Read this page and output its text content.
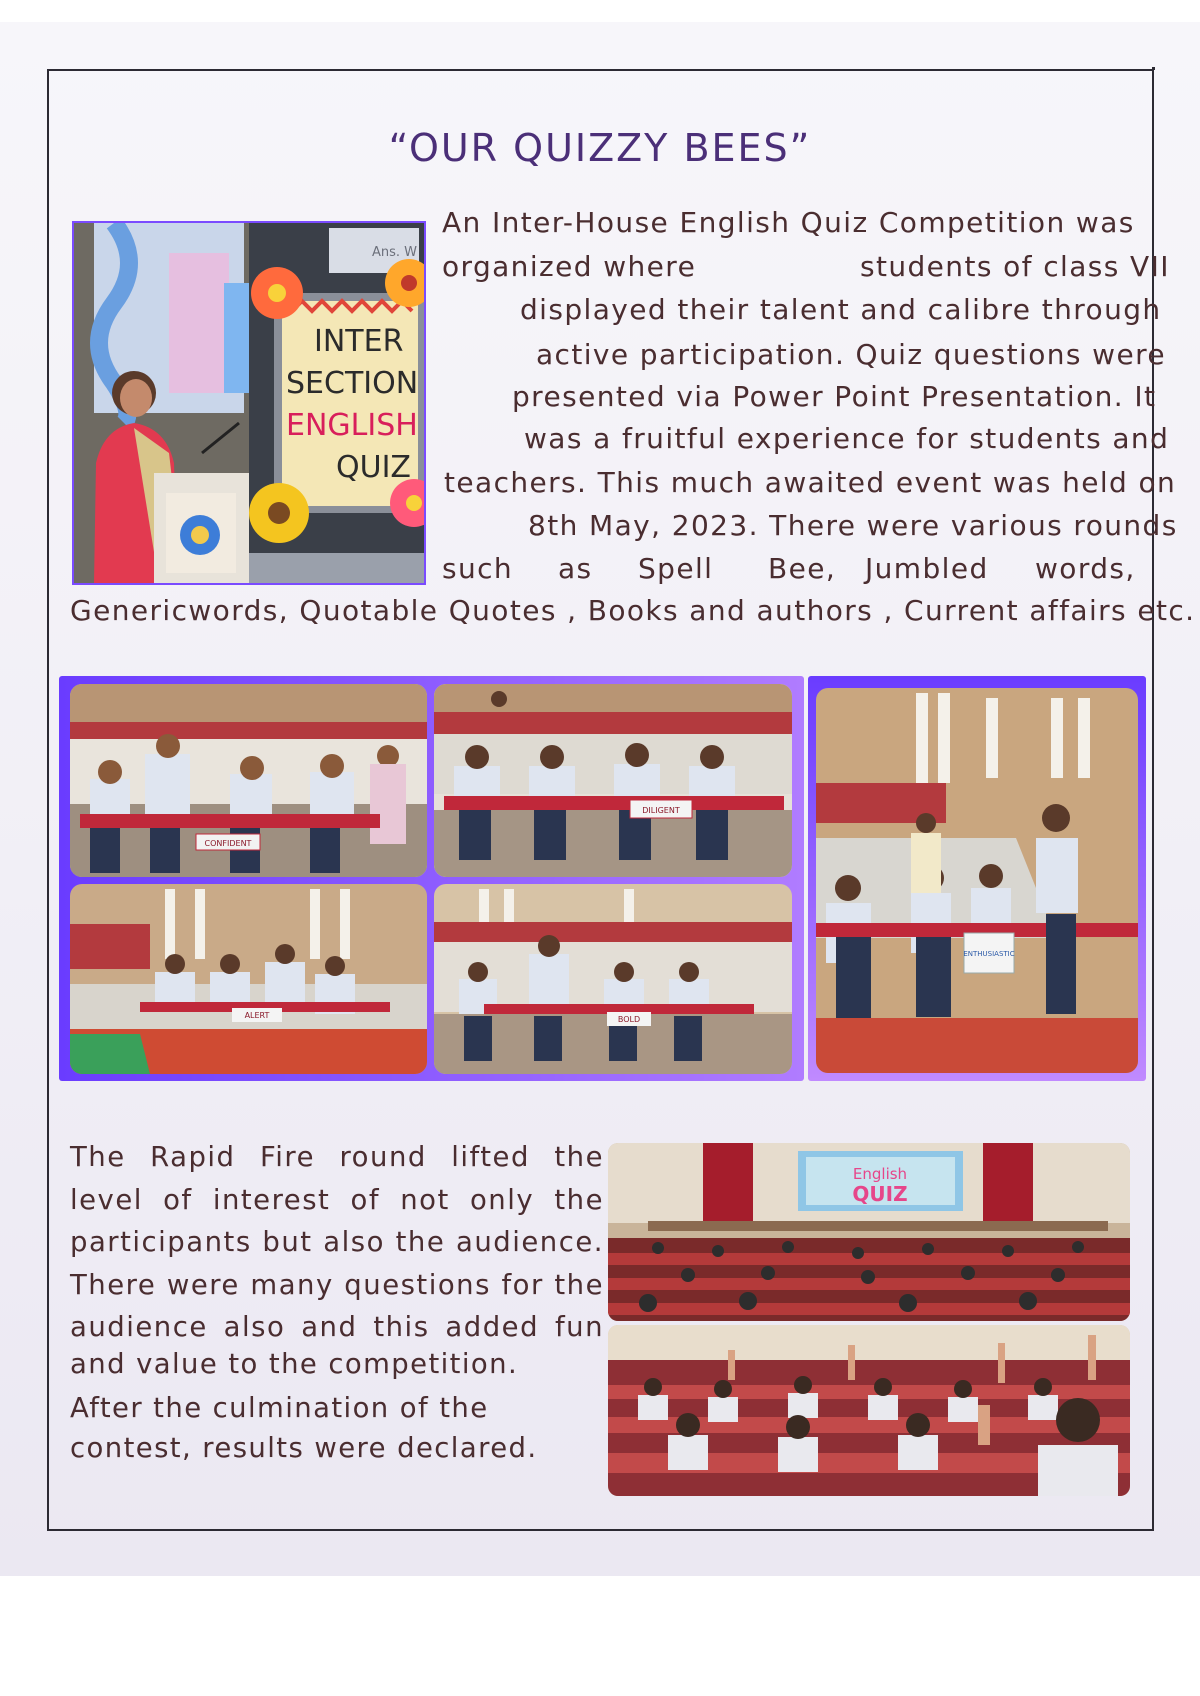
“OUR QUIZZY BEES”
Ans. W
INTER
SECTION
ENGLISH
QUIZ

An Inter-House English Quiz Competition was

organized where	students of class VII

displayed their talent and calibre through

active participation. Quiz questions were

presented via Power Point Presentation. It

was a fruitful experience for students and

teachers. This much awaited event was held on

8th May, 2023. There were various rounds

such as Spell Bee, Jumbled words,

Genericwords, Quotable Quotes , Books and authors , Current affairs etc.

CONFIDENT
DILIGENT
ALERT	BOLD
ENTHUSIASTIC
The Rapid Fire round lifted the
level of interest of not only the
participants but also the audience.
There were many questions for the
audience also and this added fun

and value to the competition.

After the culmination of the

contest, results were declared.

English
QUIZ
